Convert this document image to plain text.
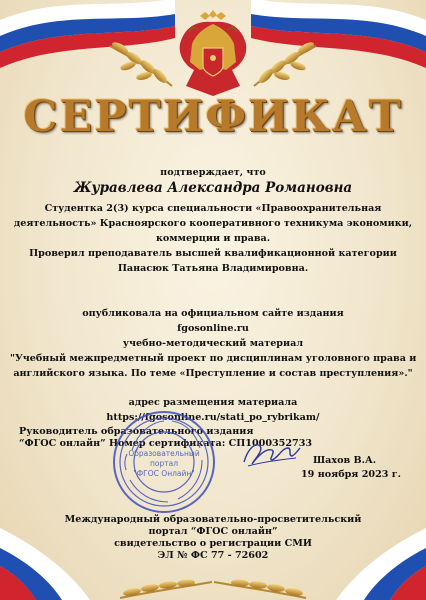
СЕРТИФИКАТ
подтверждает, что
Журавлева Александра Романовна
Студентка 2(3) курса специальности «Правоохранительная
деятельность» Красноярского кооперативного техникума экономики,
коммерции и права.
Проверил преподаватель высшей квалификационной категории
Панасюк Татьяна Владимировна.
опубликовала на официальном сайте издания
fgosonline.ru
учебно-методический материал
"Учебный межпредметный проект по дисциплинам уголовного права и
английского языка. По теме «Преступление и состав преступления»."
адрес размещения материала
https://fgosonline.ru/stati_po_rybrikam/
Руководитель образовательного издания
“ФГОС онлайн” Номер сертификата: СП1000352733
Образовательный
портал
"ФГОС Онлайн"
Шахов В.А.
19 ноября 2023 г.
Международный образовательно-просветительский
портал “ФГОС онлайн”
свидетельство о регистрации СМИ
ЭЛ № ФС 77 - 72602
